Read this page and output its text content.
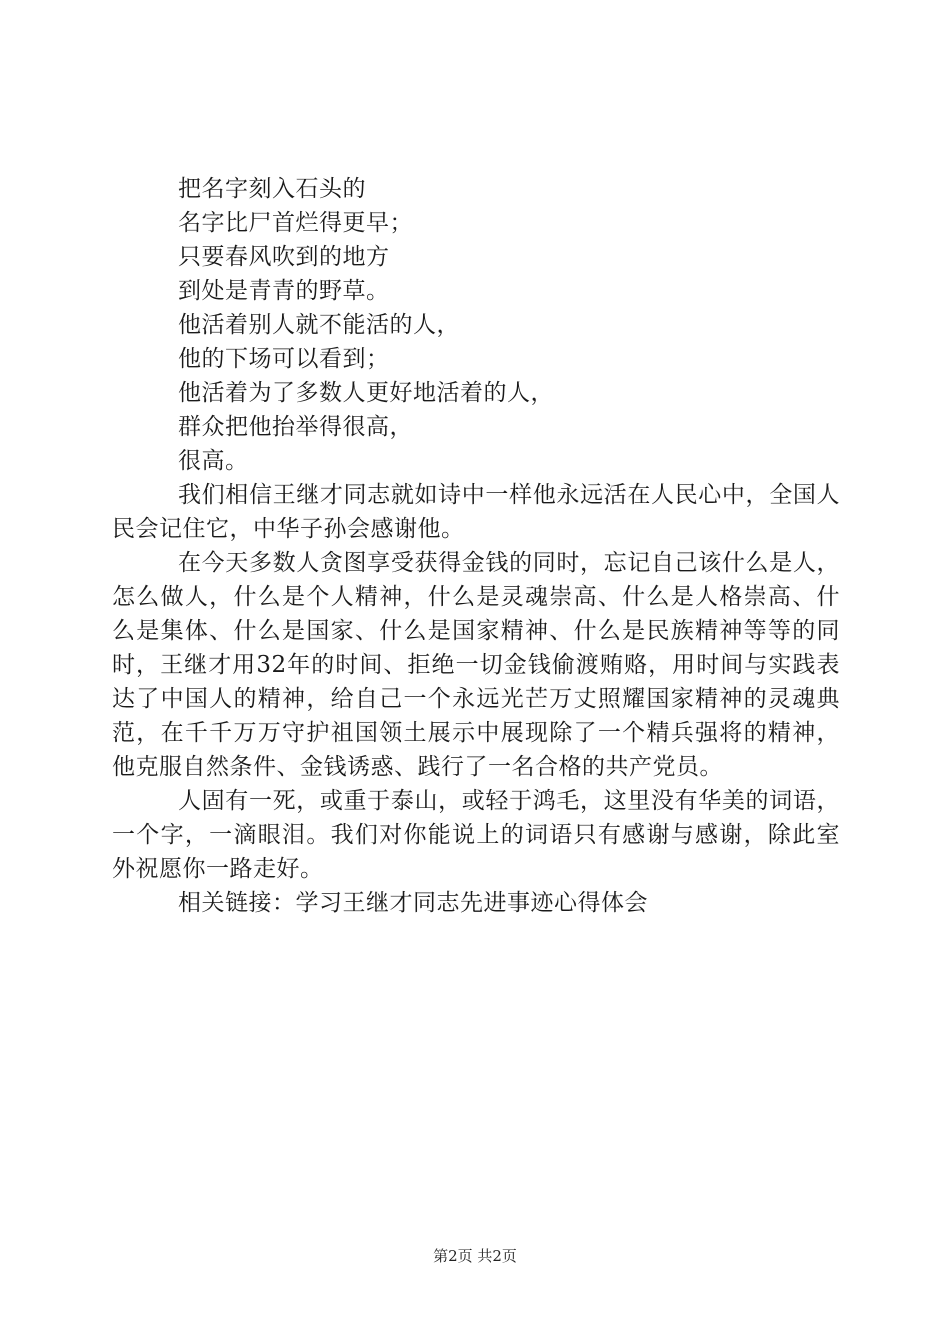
把名字刻入石头的

名字比尸首烂得更早；

只要春风吹到的地方

到处是青青的野草。

他活着别人就不能活的人，

他的下场可以看到；

他活着为了多数人更好地活着的人，

群众把他抬举得很高，

很高。

我们相信王继才同志就如诗中一样他永远活在人民心中，全国人民会记住它，中华子孙会感谢他。

在今天多数人贪图享受获得金钱的同时，忘记自己该什么是人，怎么做人，什么是个人精神，什么是灵魂崇高、什么是人格崇高、什么是集体、什么是国家、什么是国家精神、什么是民族精神等等的同时，王继才用32年的时间、拒绝一切金钱偷渡贿赂，用时间与实践表达了中国人的精神，给自己一个永远光芒万丈照耀国家精神的灵魂典范，在千千万万守护祖国领土展示中展现除了一个精兵强将的精神，他克服自然条件、金钱诱惑、践行了一名合格的共产党员。

人固有一死，或重于泰山，或轻于鸿毛，这里没有华美的词语，一个字，一滴眼泪。我们对你能说上的词语只有感谢与感谢，除此室外祝愿你一路走好。

相关链接：学习王继才同志先进事迹心得体会

第2页 共2页
